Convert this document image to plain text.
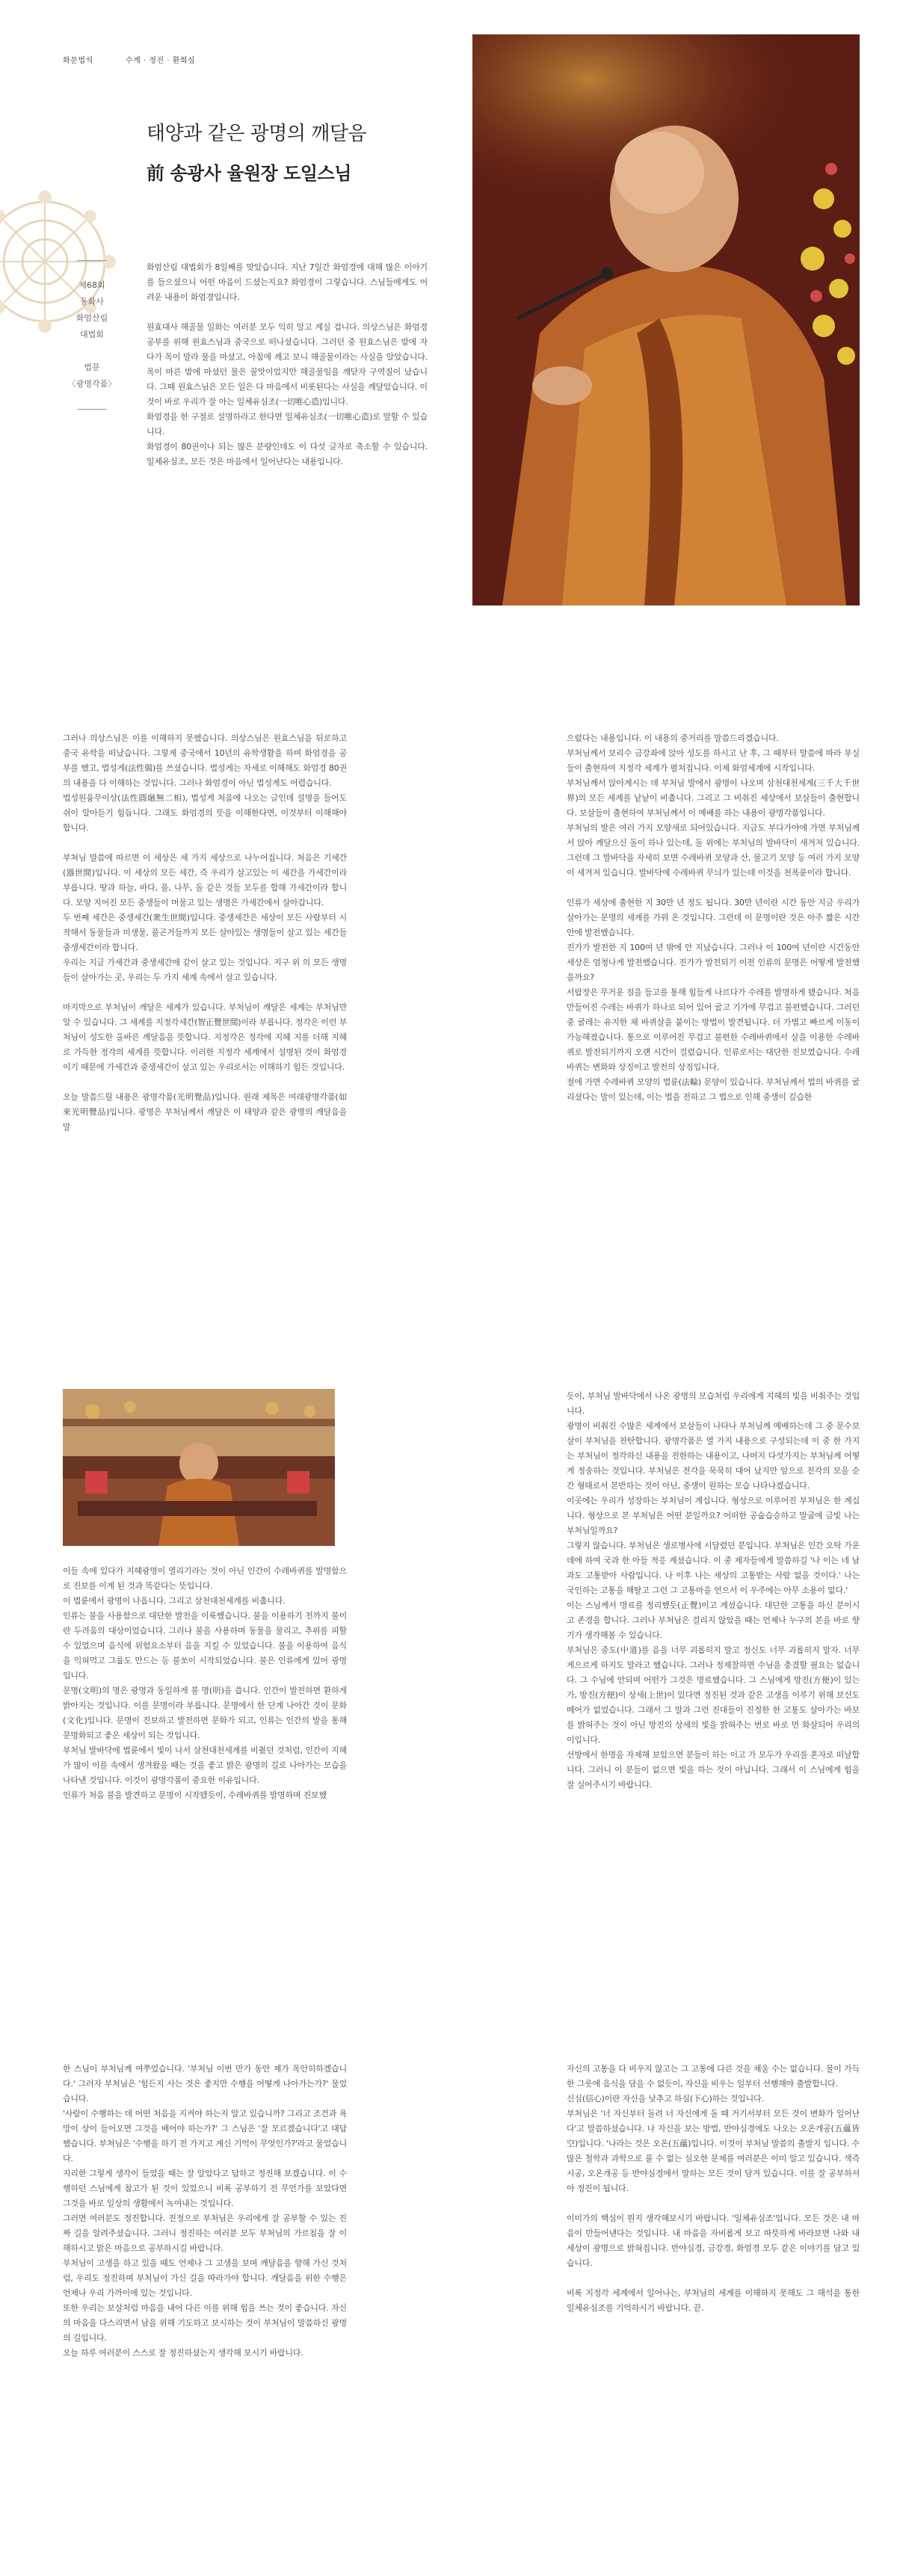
화문법석	수계 · 정진 · 환희심
태양과 같은 광명의 깨달음
前 송광사 율원장 도일스님
제68회
동화사
화엄산림
대법회
법문
〈광명각품〉

화엄산림 대법회가 8일째를 맞았습니다. 지난 7일간 화엄경에 대해 많은 이야기를 들으셨으니 어떤 마음이 드셨는지요? 화엄경이 그렇습니다. 스님들에게도 어려운 내용이 화엄경입니다.

원효대사 해골물 일화는 여러분 모두 익히 알고 계실 겁니다. 의상스님은 화엄경 공부를 위해 원효스님과 중국으로 떠나셨습니다. 그러던 중 원효스님은 밤에 자다가 목이 말라 물을 마셨고, 아침에 깨고 보니 해골물이라는 사실을 알았습니다. 목이 마른 밤에 마셨던 물은 꿀맛이었지만 해골물임을 깨닫자 구역질이 났습니다. 그때 원효스님은 모든 일은 다 마음에서 비롯된다는 사실을 깨달았습니다. 이것이 바로 우리가 잘 아는 일체유심조(一切唯心造)입니다.

화엄경을 한 구절로 설명하라고 한다면 일체유심조(一切唯心造)로 말할 수 있습니다.

화엄경이 80권이나 되는 많은 분량인데도 이 다섯 글자로 축소할 수 있습니다. 일체유심조, 모든 것은 마음에서 일어난다는 내용입니다.

그러나 의상스님은 이를 이해하지 못했습니다. 의상스님은 원효스님을 뒤로하고 중국 유학을 떠났습니다. 그렇게 중국에서 10년의 유학생활을 하며 화엄경을 공부를 했고, 법성게(法性偈)를 쓰셨습니다. 법성게는 자세로 이해해도 화엄경 80권의 내용을 다 이해하는 것입니다. 그러나 화엄경이 아닌 법성게도 어렵습니다.

법성원융무이상(法性圓融無二相), 법성게 처음에 나오는 글인데 설명을 들어도 쉬이 알아듣기 힘듭니다. 그래도 화엄경의 뜻을 이해한다면, 이것부터 이해해야 합니다.

부처님 말씀에 따르면 이 세상은 세 가지 세상으로 나누어집니다. 처음은 기세간(器世間)입니다. 이 세상의 모든 세간, 즉 우리가 살고있는 이 세간을 가세간이라 부릅니다. 땅과 하늘, 바다, 풀, 나무, 돌 같은 것들 모두를 합해 가세간이라 합니다. 모양 지어진 모든 중생들이 머물고 있는 생명은 가세간에서 살아갑니다.

두 번째 세간은 중생세간(衆生世間)입니다. 중생세간은 세상이 모든 사람부터 시작해서 동물들과 미생물, 풀곤거들까지 모든 살아있는 생명들이 살고 있는 세간들 중생세간이라 합니다.

우리는 지금 가세간과 중생세간에 같이 살고 있는 것입니다. 지구 위 의 모든 생명들이 살아가는 곳, 우리는 두 가지 세계 속에서 살고 있습니다.

마지막으로 부처님이 깨달은 세계가 있습니다. 부처님이 깨달은 세계는 부처님만 알 수 있습니다. 그 세계를 지정각세간(智正覺世間)이라 부릅니다. 정각은 이런 부처님이 성도한 올바른 깨달음을 뜻합니다. 지정각은 정각에 지혜 지를 더해 지혜로 가득한 정각의 세계를 뜻합니다. 이러한 지정각 세계에서 설명된 것이 화엄경이기 때문에 가세간과 중생세간이 살고 있는 우리로서는 이해하기 힘든 것입니다.

오늘 말씀드릴 내용은 광명각품(光明覺品)입니다. 원래 제목은 여래광명각품(如來光明覺品)입니다. 광명은 부처님께서 깨달은 이 태양과 같은 광명의 깨달음을 말

으렀다는 내용입니다. 이 내용의 중거리를 말씀드리겠습니다.

부처님께서 보리수 금강좌에 앉아 성도를 하시고 난 후, 그 때부터 말씀에 따라 부실들이 출현하여 지정각 세계가 펼쳐집니다. 이제 화엄세계에 시작입니다.

부처님께서 앉아계시는 데 부처님 발에서 광명이 나오며 삼천대천세계(三千大千世界)의 모든 세계를 낱낱이 비춥니다. 그리고 그 비취진 세상에서 보살들이 출현합니다. 보살들이 출현하여 부처님께서 이 예배를 하는 내용이 광명각품입니다.

부처님의 발은 여러 가지 모양새로 되어있습니다. 지금도 부다가야에 가면 부처님께서 앉아 깨달으신 돌이 하나 있는데, 돌 위에는 부처님의 발바닥이 새겨져 있습니다. 그런데 그 발바닥을 자세히 보면 수레바퀴 모양과 산, 물고기 모양 등 여러 가지 모양이 새겨져 있습니다. 발바닥에 수레바퀴 무늬가 있는데 이것을 천폭륜이라 합니다.

인류가 세상에 출현한 지 30만 년 정도 됩니다. 30만 년이란 시간 동안 지금 우리가 살아가는 문명의 세계를 가꿔 온 것입니다. 그런데 이 문명이란 것은 아주 짧은 시간 안에 발전했습니다.

진가가 발전한 지 100여 년 밖에 안 지났습니다. 그러나 이 100여 년이란 시간동안 세상은 엄청나게 발전했습니다. 진가가 발전되기 이전 인류의 문명은 어떻게 발전했을까요?

서랍장은 무거운 짐을 들고를 통해 힘들게 나르다가 수레를 발명하게 됐습니다. 처음 만들어진 수레는 바퀴가 하나로 되어 있어 굴고 기가에 무겁고 불편했습니다. 그러던 중 굴레는 유지한 채 바퀴살을 붙이는 방법이 발견됩니다. 더 가볍고 빠르게 이동이 가능해졌습니다. 통으로 이루어진 무겁고 불편한 수레바퀴에서 살을 이용한 수레바퀴로 발전되기까지 오랜 시간이 걸렸습니다. 인류로서는 대단한 진보였습니다. 수레바퀴는 변화와 상징이고 발전의 상징입니다.

절에 가면 수레바퀴 모양의 법륜(法輪) 문양이 있습니다. 부처님께서 법의 바퀴를 굴리셨다는 말이 있는데, 이는 법을 전하고 그 법으로 인해 중생이 깊습한

이들 속에 있다가 지혜광명이 열리기라는 것이 아닌 인간이 수레바퀴를 발명함으로 진보를 이게 된 것과 똑같다는 뜻입니다.

이 법륜에서 광명이 나옵니다. 그리고 삼천대천세계를 비춥니다.

인류는 불을 사용함으로 대단한 발전을 이룩했습니다. 불을 이용하기 전까지 불이란 두려움의 대상이었습니다. 그러나 불을 사용하며 동물을 물리고, 추위를 피할 수 있었으며 음식에 위험요소부터 음을 지킬 수 있었습니다. 불을 이용하여 음식을 익혀먹고 그룹도 만드는 등 불쏘이 시작되었습니다. 불은 인류에게 있어 광명입니다.

문명(文明)의 명은 광명과 동일하게 불 명(明)을 씁니다. 인간이 발전하면 환하게 밝아지는 것입니다. 이를 문명이라 부릅니다. 문명에서 한 단계 나아간 것이 문화(文化)입니다. 문명이 진보하고 발전하면 문화가 되고, 인류는 인간의 발을 통해 문명화되고 좋은 세상이 되는 것입니다.

부처님 발바닥에 법륜에서 빛이 나서 삼천대천세계를 비췄던 것처럼, 인간이 지혜가 많이 이를 속에서 생겨왔을 때는 것을 좋고 밝은 광명의 길로 나아가는 모습을 나타낸 것입니다. 이것이 광명각품이 중요한 이유입니다.

인류가 처음 불을 발견하고 문명이 시작됐듯이, 수레바퀴를 발명하며 진보했

듯이, 부처님 발바닥에서 나온 광명의 모습처럼 우리에게 지혜의 빛을 비춰주는 것입니다.

광명이 비춰진 수많은 세계에서 보살들이 나타나 부처님께 예배하는데 그 중 문수보살이 부처님을 찬탄합니다. 광명각품은 열 가지 내용으로 구성되는데 이 중 한 가지는 부처님이 정각하신 내용을 전한하는 내용이고, 나머지 다섯가지는 부처님께 어떻게 정송하는 것입니다. 부처님은 전각을 묵묵히 대어 났지만 앞으로 전각의 모을 순간 형태로서 본반하는 것이 아닌, 중생이 원하는 모습 나타나겠습니다.

이곳에는 우리가 성장하는 부처님이 계십니다. 형상으로 이루어진 부처님은 한 계십니다. 형상으로 본 부처님은 어떤 분일까요? 어떠한 공숩습승하고 말굽에 금빛 나는 부처님일까요?

그렇지 않습니다. 부처님은 생로병사에 시달렸던 분입니다. 부처님은 인간 오탁 가운데에 하여 국과 한 아들 적응 계셨습니다. 이 중 제자들에게 말씀하길 '나 이는 네 남과도 고통받아 사람입니다. 나 이후 나는 세상의 고통받는 사람 없을 것이다.' 나는 국인하는 고통을 해탈고 그런 그 고통마을 언으서 이 우주에는 아무 소용이 없다.'

이는 스님께서 명료를 정리했듯(正覺)이고 계셨습니다. 대단한 고통을 하신 분이시고 존경을 합니다. 그러나 부처님은 걸리지 않았을 때는 언제나 누구의 본을 바로 향기가 생각해볼 수 있습니다.

부처님은 중도(中道)를 음을 너무 괴롭히지 말고 정신도 너무 괴롭히지 말자. 너무 게으르게 하지도 말라고 했습니다. 그러나 정제찰하면 수님을 충겼할 필요는 없습니다. 그 수님에 안되며 어떤가 그것은 명료했습니다. 그 스님에게 방진(方便)이 있는가, 방진(方便)이 상세(上世)이 있다면 정진된 것과 같은 고생을 이루기 위해 보신도 떼어가 없었습니다. 그래서 그 말과 그런 진대들이 진정한 한 고통도 살아가는 바보를 밝혀주는 것이 아닌 방진의 상세의 빛을 밝혀주는 번로 바로 먼 화살되어 우리의 이입니다.

선방에서 한명을 자제해 보았으면 분들이 하는 이고 가 모두가 우리를 혼자로 떠날합니다. 그러니 이 분들이 없으면 빛을 하는 것이 아닙니다. 그래서 이 스님에게 힘을 잘 실어주시기 바랍니다.

한 스님이 부처님께 여쭈었습니다. '부처님 이번 만가 동안 제가 목안히하겠습니다.' 그러자 부처님은 '힘든지 사는 것은 좋지만 수행을 어떻게 나아가는가?' 물었습니다.

'사람이 수행하는 데 어떤 처음을 지켜야 하는지 알고 있습니까? 그리고 조건과 욕망이 상이 들어오면 그것을 배어야 하는가?' 그 스님은 '잘 모르겠습니다'고 대답했습니다. 부처님은 '수행을 하기 전 가지고 계신 기억이 무엇인가?'라고 물었습니다.

지리한 그렇게 생각이 들었을 때는 잘 알았다고 답하고 정진해 보겠습니다. 이 수행하던 스님에게 참고가 된 것이 있었으니 비록 공부하기 전 무언가를 보았다면 그것을 바로 일상의 생활에서 녹여내는 것입니다.

그러면 여러분도 정진합니다. 진정으로 부처님은 우리에게 잘 공부할 수 있는 진짜 길을 알려주셨습니다. 그러니 정진하는 여러분 모두 부처님의 가르침을 잘 이해하시고 맑은 마음으로 공부하시길 바랍니다.

부처님이 고생을 하고 있을 때도 언제나 그 고생을 보며 깨달음을 향해 가신 것처럼, 우리도 정진하며 부처님이 가신 길을 따라가야 합니다. 깨달음을 위한 수행은 언제나 우리 가까이에 있는 것입니다.

또한 우리는 보살처럼 마음을 내어 다른 이를 위해 힘을 쓰는 것이 좋습니다. 자신의 마음을 다스리면서 남을 위해 기도하고 보시하는 것이 부처님이 말씀하신 광명의 길입니다.

오늘 하루 여러분이 스스로 잘 정진하셨는지 생각해 보시기 바랍니다.

자신의 고통을 다 비우지 않고는 그 고통에 다른 것을 채울 수는 없습니다. 물이 가득한 그릇에 음식을 담을 수 없듯이, 자신을 비우는 일부터 선행해야 출발합니다.

신심(信心)이란 자신을 낮추고 하심(下心)하는 것입니다.

부처님은 '너 자신부터 돌려 너 자신에게 돌 때 거기서부터 모든 것이 변화가 일어난다'고 말씀하셨습니다. 나 자신을 보는 방법, 반야심경에도 나오는 오온개공(五蘊皆空)입니다. '나라는 것은 오온(五蘊)입니다. 이것이 부처님 말씀의 출발지 입니다. 수많은 철학과 과학으로 풀 수 없는 심오한 문제를 여러분은 이미 알고 있습니다. 색즉시공, 오온개공 등 반야심경에서 말하는 모든 것이 담겨 있습니다. 이를 잘 공부하셔야 정진이 됩니다.

이미가의 핵심이 뭔지 생각해보시기 바랍니다. '일체유심조'입니다. 모든 것은 내 마음이 만들어낸다는 것입니다. 내 마음을 자비롭게 보고 따뜻하게 바라보면 나와 내 세상이 광명으로 밝혀집니다. 반야심경, 금강경, 화엄경 모두 같은 이야기를 담고 있습니다.

비록 지정각 세계에서 일어나는, 부처님의 세계를 이해하지 못해도 그 해석을 통한 일체유심조를 기억하시기 바랍니다. 끝.
